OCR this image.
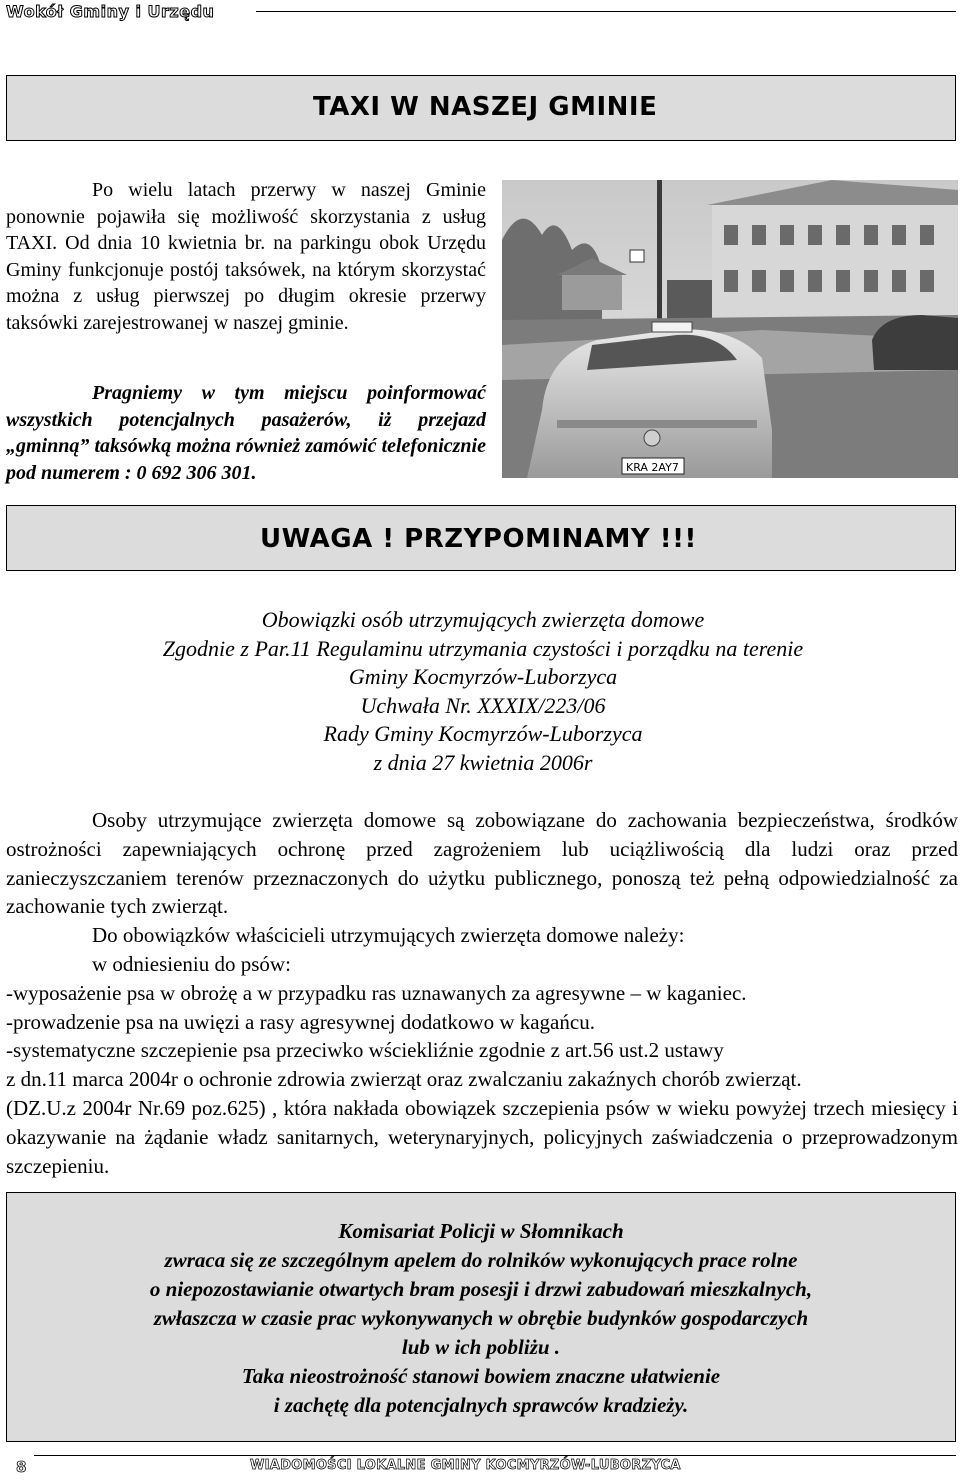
Wokół Gminy i Urzędu
TAXI W NASZEJ GMINIE

Po wielu latach przerwy w naszej Gminie ponownie pojawiła się możliwość skorzystania z usług TAXI. Od dnia 10 kwietnia br. na parkingu obok Urzędu Gminy funkcjonuje postój taksówek, na którym skorzystać można z usług pierwszej po długim okresie przerwy taksówki zarejestrowanej w naszej gminie.

Pragniemy w tym miejscu poinformować wszystkich potencjalnych pasażerów, iż przejazd „gminną” taksówką można również zamówić telefonicznie pod numerem : 0 692 306 301.	KRA 2AY7
UWAGA ! PRZYPOMINAMY !!!
Obowiązki osób utrzymujących zwierzęta domowe
Zgodnie z Par.11 Regulaminu utrzymania czystości i porządku na terenie
Gminy Kocmyrzów-Luborzyca
Uchwała Nr. XXXIX/223/06
Rady Gminy Kocmyrzów-Luborzyca
z dnia 27 kwietnia 2006r

Osoby utrzymujące zwierzęta domowe są zobowiązane do zachowania bezpieczeństwa, środków ostrożności zapewniających ochronę przed zagrożeniem lub uciążliwością dla ludzi oraz przed zanieczyszczaniem terenów przeznaczonych do użytku publicznego, ponoszą też pełną odpowiedzialność za zachowanie tych zwierząt.

Do obowiązków właścicieli utrzymujących zwierzęta domowe należy:

w odniesieniu do psów:

-wyposażenie psa w obrożę a w przypadku ras uznawanych za agresywne – w kaganiec.

-prowadzenie psa na uwięzi a rasy agresywnej dodatkowo w kagańcu.

-systematyczne szczepienie psa przeciwko wściekliźnie zgodnie z art.56 ust.2 ustawy

z dn.11 marca 2004r o ochronie zdrowia zwierząt oraz zwalczaniu zakaźnych chorób zwierząt.

(DZ.U.z 2004r Nr.69 poz.625) , która nakłada obowiązek szczepienia psów w wieku powyżej trzech miesięcy i okazywanie na żądanie władz sanitarnych, weterynaryjnych, policyjnych zaświadczenia o przeprowadzonym szczepieniu.

Komisariat Policji w Słomnikach
zwraca się ze szczególnym apelem do rolników wykonujących prace rolne
o niepozostawianie otwartych bram posesji i drzwi zabudowań mieszkalnych,
zwłaszcza w czasie prac wykonywanych w obrębie budynków gospodarczych
lub w ich pobliżu .
Taka nieostrożność stanowi bowiem znaczne ułatwienie
i zachętę dla potencjalnych sprawców kradzieży.
8	WIADOMOŚCI LOKALNE GMINY KOCMYRZÓW-LUBORZYCA
